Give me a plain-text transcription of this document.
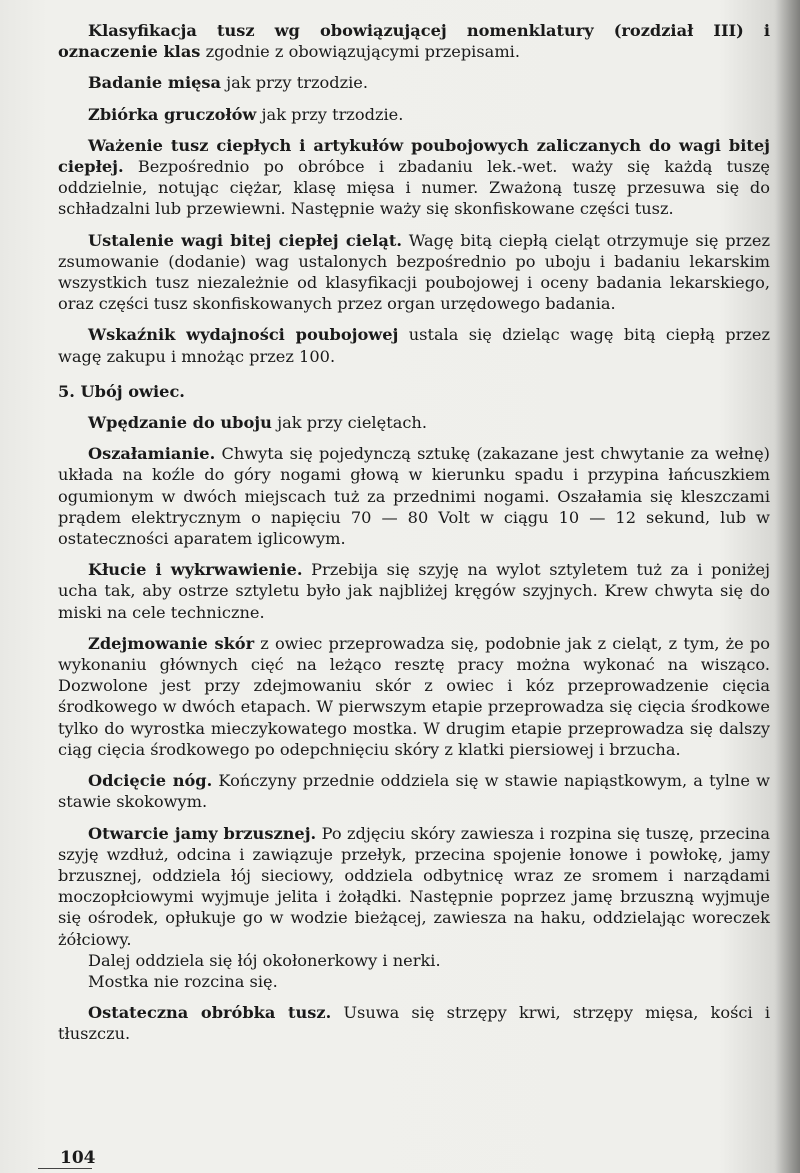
Klasyfikacja tusz wg obowiązującej nomenklatury (rozdział III) i oznaczenie klas zgodnie z obowiązującymi przepisami.

Badanie mięsa jak przy trzodzie.

Zbiórka gruczołów jak przy trzodzie.

Ważenie tusz ciepłych i artykułów poubojowych zaliczanych do wagi bitej ciepłej. Bezpośrednio po obróbce i zbadaniu lek.-wet. waży się każdą tuszę oddzielnie, notując ciężar, klasę mięsa i numer. Zważoną tuszę przesuwa się do schładzalni lub przewiewni. Następnie waży się skonfiskowane części tusz.

Ustalenie wagi bitej ciepłej cieląt. Wagę bitą ciepłą cieląt otrzymuje się przez zsumowanie (dodanie) wag ustalonych bezpośrednio po uboju i badaniu lekarskim wszystkich tusz niezależnie od klasyfikacji poubojowej i oceny badania lekarskiego, oraz części tusz skonfiskowanych przez organ urzędowego badania.

Wskaźnik wydajności poubojowej ustala się dzieląc wagę bitą ciepłą przez wagę zakupu i mnożąc przez 100.

5. Ubój owiec.

Wpędzanie do uboju jak przy cielętach.

Oszałamianie. Chwyta się pojedynczą sztukę (zakazane jest chwytanie za wełnę) układa na koźle do góry nogami głową w kierunku spadu i przypina łańcuszkiem ogumionym w dwóch miejscach tuż za przednimi nogami. Oszałamia się kleszczami prądem elektrycznym o napięciu 70 — 80 Volt w ciągu 10 — 12 sekund, lub w ostateczności aparatem iglicowym.

Kłucie i wykrwawienie. Przebija się szyję na wylot sztyletem tuż za i poniżej ucha tak, aby ostrze sztyletu było jak najbliżej kręgów szyjnych. Krew chwyta się do miski na cele techniczne.

Zdejmowanie skór z owiec przeprowadza się, podobnie jak z cieląt, z tym, że po wykonaniu głównych cięć na leżąco resztę pracy można wykonać na wisząco. Dozwolone jest przy zdejmowaniu skór z owiec i kóz przeprowadzenie cięcia środkowego w dwóch etapach. W pierwszym etapie przeprowadza się cięcia środkowe tylko do wyrostka mieczykowatego mostka. W drugim etapie przeprowadza się dalszy ciąg cięcia środkowego po odepchnięciu skóry z klatki piersiowej i brzucha.

Odcięcie nóg. Kończyny przednie oddziela się w stawie napiąstkowym, a tylne w stawie skokowym.

Otwarcie jamy brzusznej. Po zdjęciu skóry zawiesza i rozpina się tuszę, przecina szyję wzdłuż, odcina i zawiązuje przełyk, przecina spojenie łonowe i powłokę, jamy brzusznej, oddziela łój sieciowy, oddziela odbytnicę wraz ze sromem i narządami moczopłciowymi wyjmuje jelita i żołądki. Następnie poprzez jamę brzuszną wyjmuje się ośrodek, opłukuje go w wodzie bieżącej, zawiesza na haku, oddzielając woreczek żółciowy.

Dalej oddziela się łój okołonerkowy i nerki.

Mostka nie rozcina się.

Ostateczna obróbka tusz. Usuwa się strzępy krwi, strzępy mięsa, kości i tłuszczu.

104
